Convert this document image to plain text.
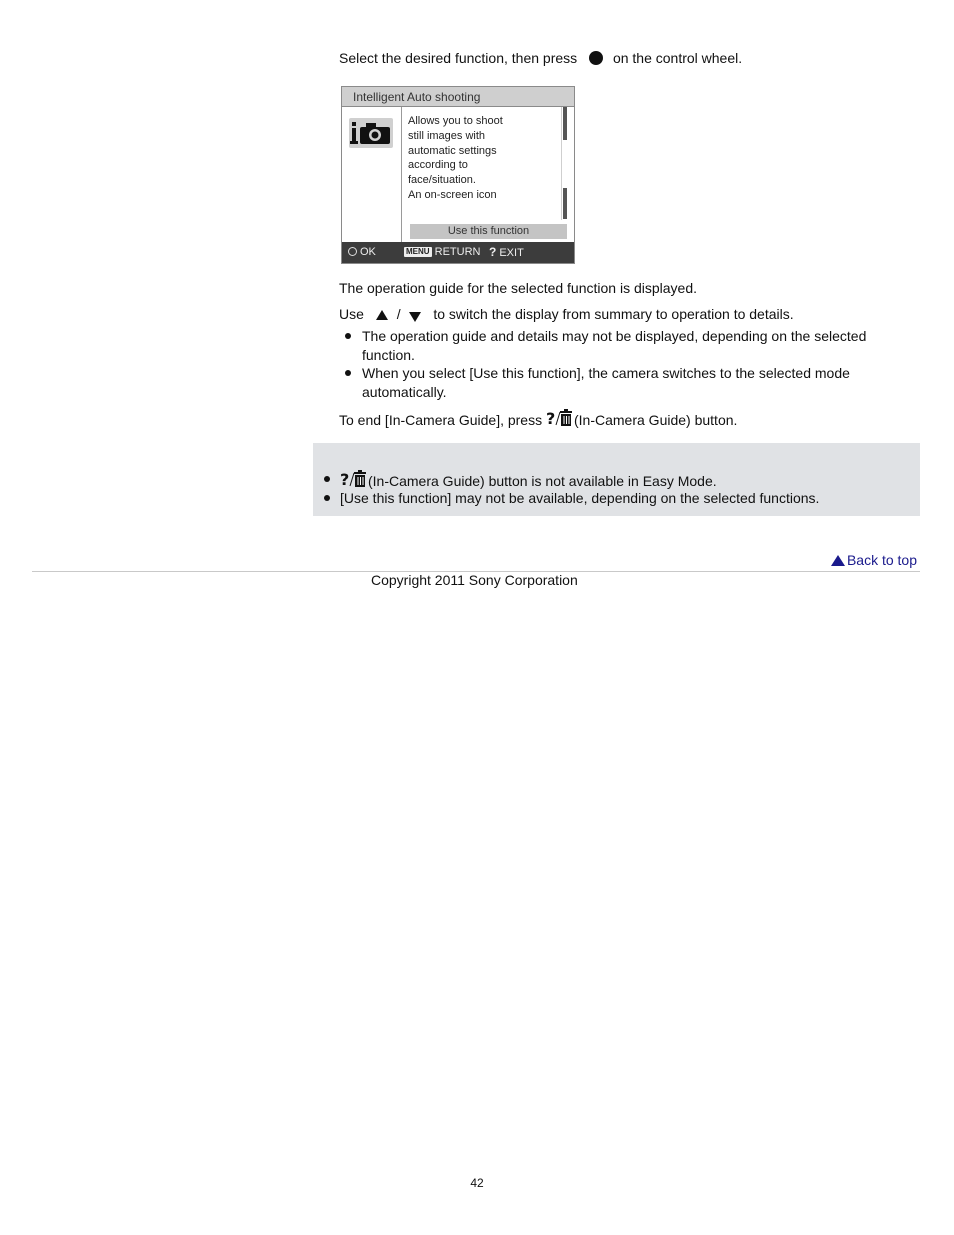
Select the desired function, then press	on the control wheel.
Intelligent Auto shooting
Allows you to shoot
still images with
automatic settings
according to
face/situation.
An on-screen icon
Use this function
OK	MENU RETURN ? EXIT
The operation guide for the selected function is displayed.
Use / to switch the display from summary to operation to details.
The operation guide and details may not be displayed, depending on the selected
function.
When you select [Use this function], the camera switches to the selected mode
automatically.
To end [In-Camera Guide], press ? (In-Camera Guide) button.
? (In-Camera Guide) button is not available in Easy Mode.
[Use this function] may not be available, depending on the selected functions.
Back to top
Copyright 2011 Sony Corporation
42
